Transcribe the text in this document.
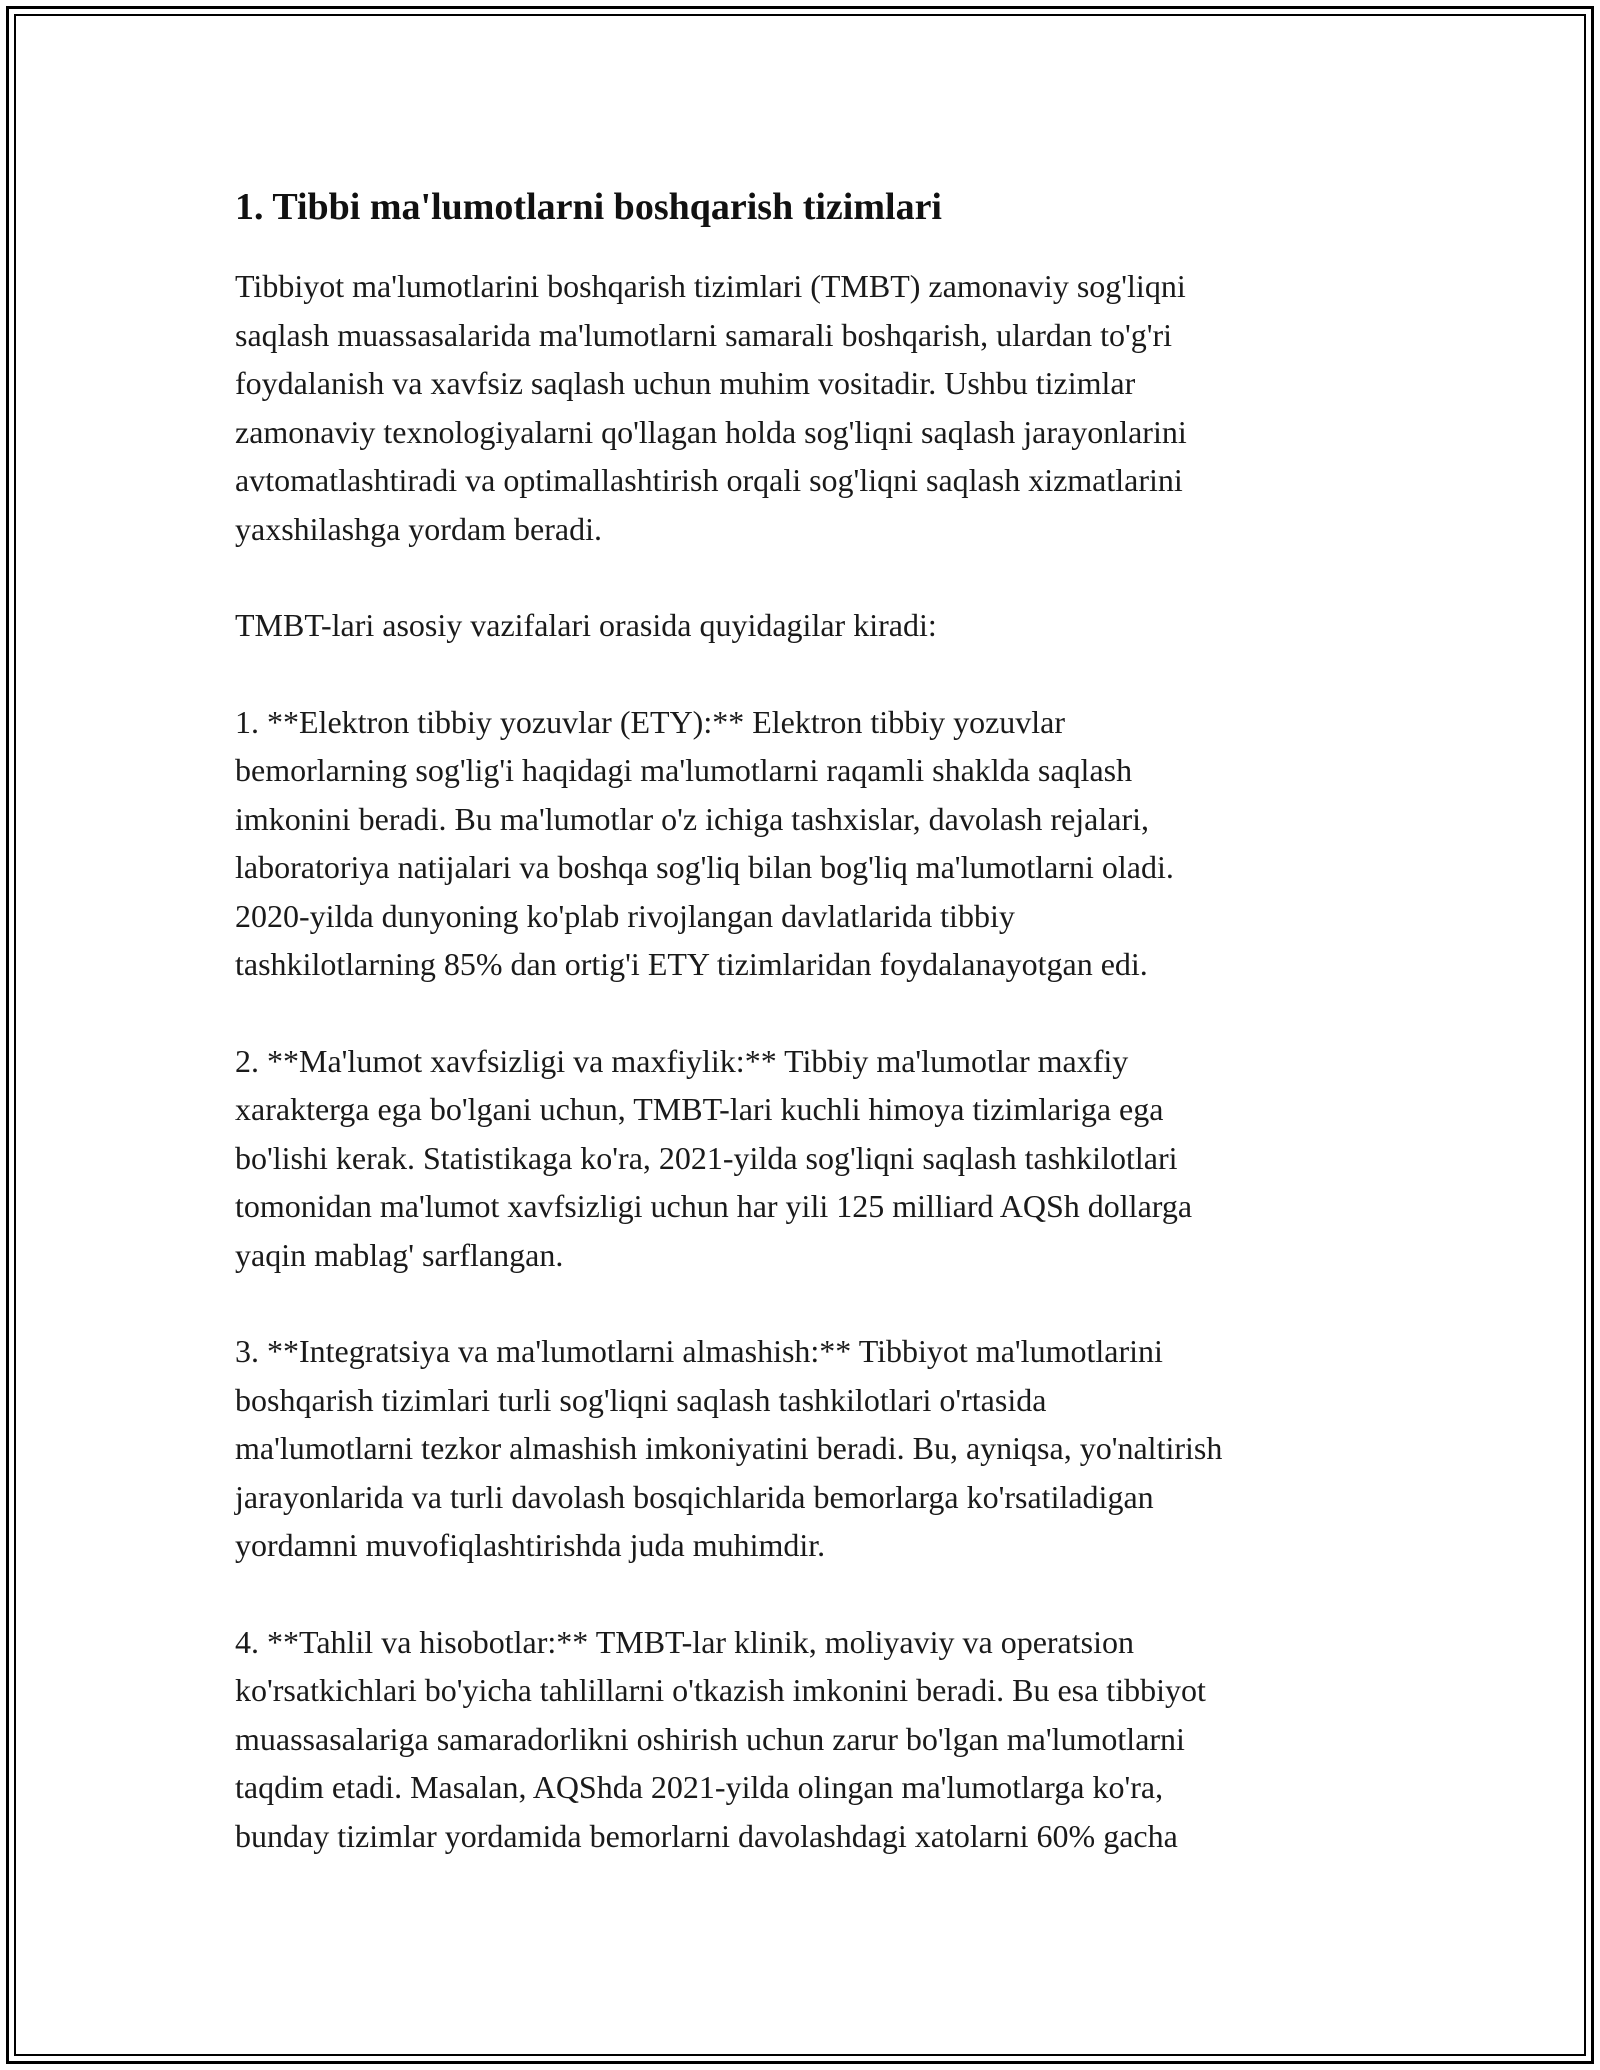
1. Tibbi ma'lumotlarni boshqarish tizimlari

Tibbiyot ma'lumotlarini boshqarish tizimlari (TMBT) zamonaviy sog'liqni
saqlash muassasalarida ma'lumotlarni samarali boshqarish, ulardan to'g'ri
foydalanish va xavfsiz saqlash uchun muhim vositadir. Ushbu tizimlar
zamonaviy texnologiyalarni qo'llagan holda sog'liqni saqlash jarayonlarini
avtomatlashtiradi va optimallashtirish orqali sog'liqni saqlash xizmatlarini
yaxshilashga yordam beradi.

TMBT-lari asosiy vazifalari orasida quyidagilar kiradi:

1. **Elektron tibbiy yozuvlar (ETY):** Elektron tibbiy yozuvlar
bemorlarning sog'lig'i haqidagi ma'lumotlarni raqamli shaklda saqlash
imkonini beradi. Bu ma'lumotlar o'z ichiga tashxislar, davolash rejalari,
laboratoriya natijalari va boshqa sog'liq bilan bog'liq ma'lumotlarni oladi.
2020-yilda dunyoning ko'plab rivojlangan davlatlarida tibbiy
tashkilotlarning 85% dan ortig'i ETY tizimlaridan foydalanayotgan edi.

2. **Ma'lumot xavfsizligi va maxfiylik:** Tibbiy ma'lumotlar maxfiy
xarakterga ega bo'lgani uchun, TMBT-lari kuchli himoya tizimlariga ega
bo'lishi kerak. Statistikaga ko'ra, 2021-yilda sog'liqni saqlash tashkilotlari
tomonidan ma'lumot xavfsizligi uchun har yili 125 milliard AQSh dollarga
yaqin mablag' sarflangan.

3. **Integratsiya va ma'lumotlarni almashish:** Tibbiyot ma'lumotlarini
boshqarish tizimlari turli sog'liqni saqlash tashkilotlari o'rtasida
ma'lumotlarni tezkor almashish imkoniyatini beradi. Bu, ayniqsa, yo'naltirish
jarayonlarida va turli davolash bosqichlarida bemorlarga ko'rsatiladigan
yordamni muvofiqlashtirishda juda muhimdir.

4. **Tahlil va hisobotlar:** TMBT-lar klinik, moliyaviy va operatsion
ko'rsatkichlari bo'yicha tahlillarni o'tkazish imkonini beradi. Bu esa tibbiyot
muassasalariga samaradorlikni oshirish uchun zarur bo'lgan ma'lumotlarni
taqdim etadi. Masalan, AQShda 2021-yilda olingan ma'lumotlarga ko'ra,
bunday tizimlar yordamida bemorlarni davolashdagi xatolarni 60% gacha
